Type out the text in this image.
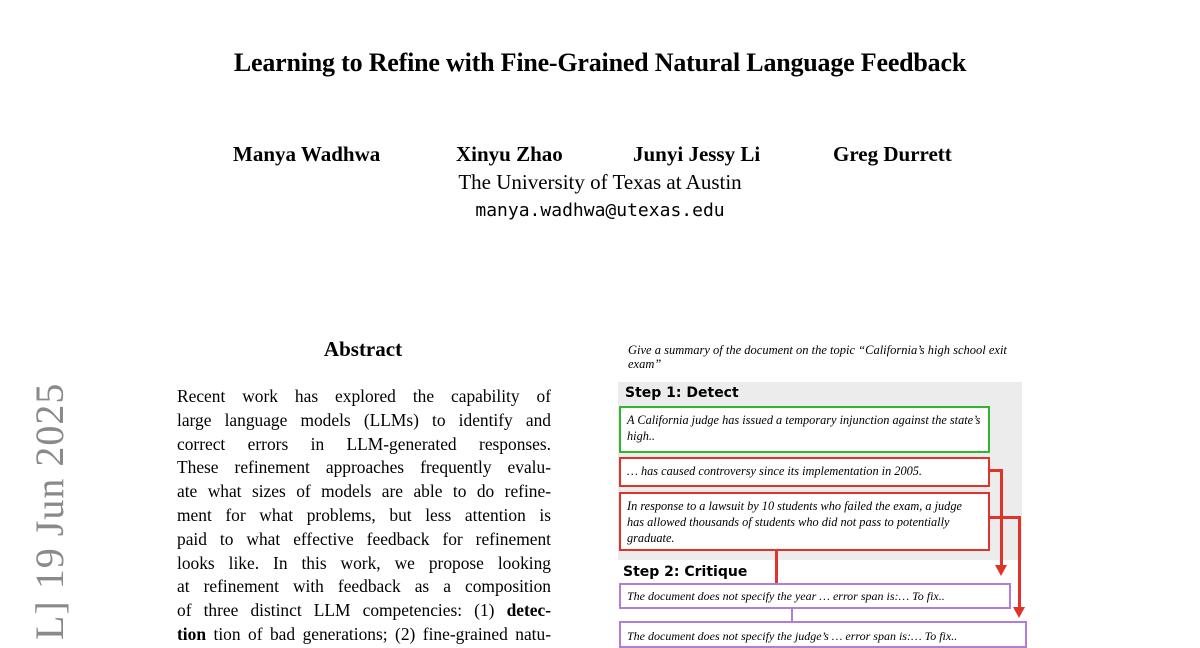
Learning to Refine with Fine-Grained Natural Language Feedback
Manya Wadhwa	Xinyu Zhao	Junyi Jessy Li	Greg Durrett
The University of Texas at Austin
manya.wadhwa@utexas.edu
L] 19 Jun 2025
Abstract
Recent work has explored the capability of
large language models (LLMs) to identify and
correct errors in LLM-generated responses.
These refinement approaches frequently evalu-
ate what sizes of models are able to do refine-
ment for what problems, but less attention is
paid to what effective feedback for refinement
looks like. In this work, we propose looking
at refinement with feedback as a composition
of three distinct LLM competencies: (1) detec-
tion tion of bad generations; (2) fine-grained natu-
Give a summary of the document on the topic “California’s high school exit exam”
Step 1: Detect
A California judge has issued a temporary injunction against the state’s high..
… has caused controversy since its implementation in 2005.
In response to a lawsuit by 10 students who failed the exam, a judge has allowed thousands of students who did not pass to potentially graduate.
Step 2: Critique
The document does not specify the year … error span is:… To fix..
The document does not specify the judge’s … error span is:… To fix..
